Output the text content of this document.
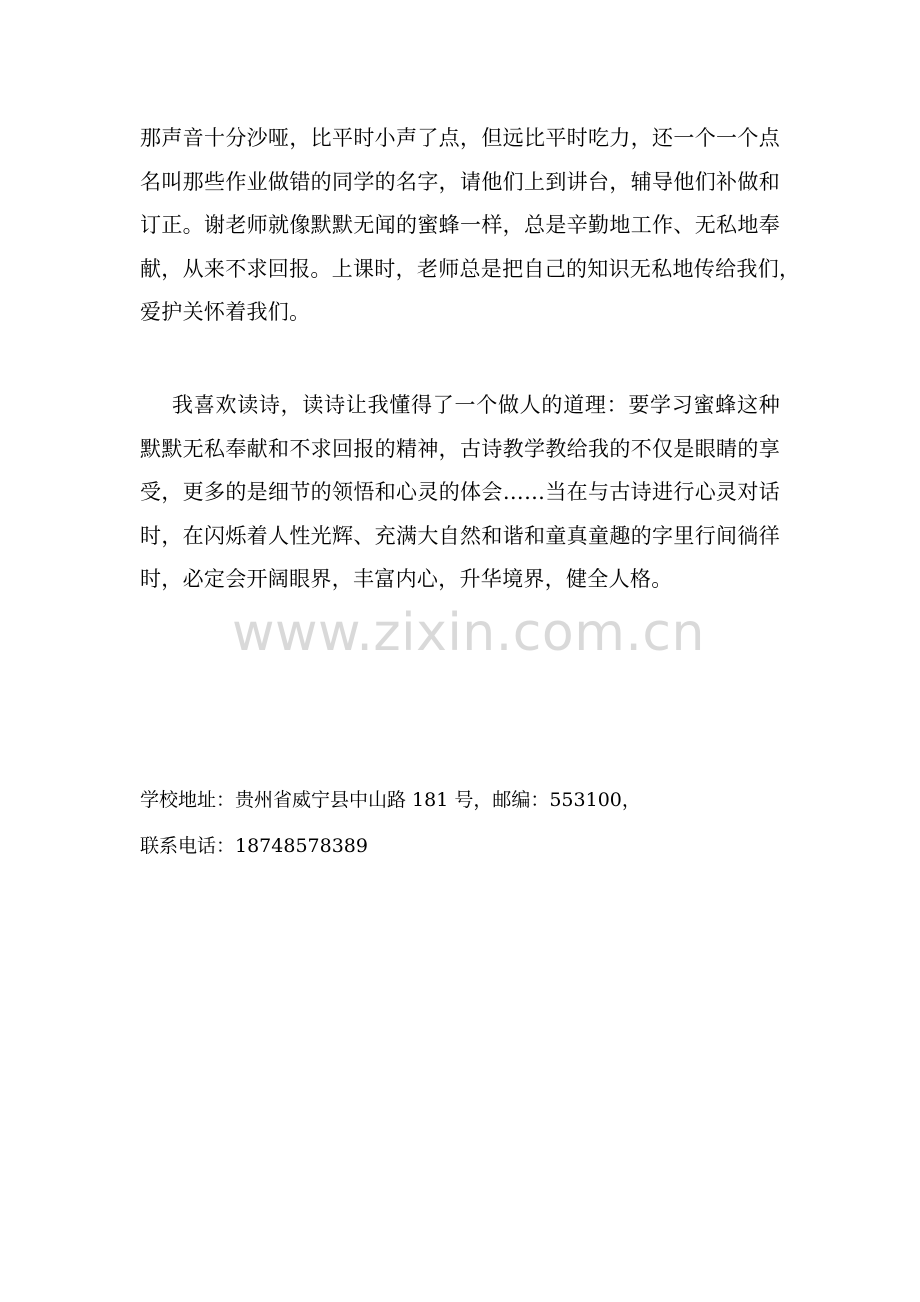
那声音十分沙哑，比平时小声了点，但远比平时吃力，还一个一个点
名叫那些作业做错的同学的名字，请他们上到讲台，辅导他们补做和
订正。谢老师就像默默无闻的蜜蜂一样，总是辛勤地工作、无私地奉
献，从来不求回报。上课时，老师总是把自己的知识无私地传给我们，
爱护关怀着我们。
我喜欢读诗，读诗让我懂得了一个做人的道理：要学习蜜蜂这种
默默无私奉献和不求回报的精神，古诗教学教给我的不仅是眼睛的享
受，更多的是细节的领悟和心灵的体会……当在与古诗进行心灵对话
时，在闪烁着人性光辉、充满大自然和谐和童真童趣的字里行间徜徉
时，必定会开阔眼界，丰富内心，升华境界，健全人格。
www.zixin.com.cn
学校地址：贵州省威宁县中山路 181 号，邮编：553100，
联系电话：18748578389
